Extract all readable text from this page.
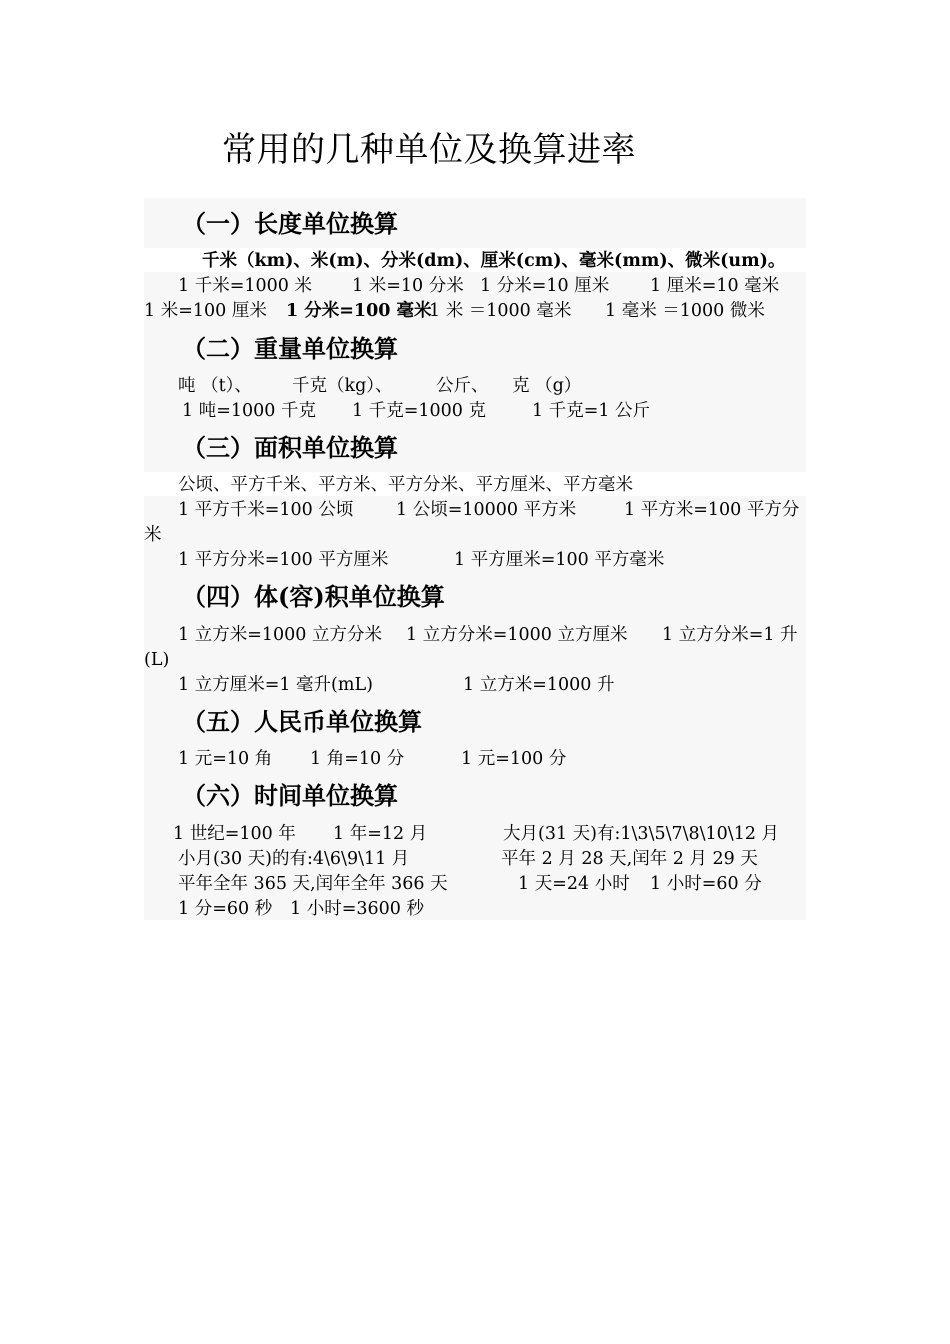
常用的几种单位及换算进率
（一）长度单位换算
千米（km)、米(m)、分米(dm)、厘米(cm)、毫米(mm)、微米(um)。
1 千米=1000 米 1 米=10 分米 1 分米=10 厘米 1 厘米=10 毫米
1 米=100 厘米 1 分米=100 毫米
1 米 ＝1000 毫米 1 毫米 ＝1000 微米
（二）重量单位换算
吨 （t）、 千克（kg）、 公斤、 克 （g）
1 吨=1000 千克 1 千克=1000 克	1 千克=1 公斤
（三）面积单位换算
公顷、平方千米、平方米、平方分米、平方厘米、平方毫米
1 平方千米=100 公顷 1 公顷=10000 平方米	1 平方米=100 平方分
米
1 平方分米=100 平方厘米	1 平方厘米=100 平方毫米
（四）体(容)积单位换算
1 立方米=1000 立方分米 1 立方分米=1000 立方厘米 1 立方分米=1 升
(L)
1 立方厘米=1 毫升(mL)	1 立方米=1000 升
（五）人民币单位换算
1 元=10 角 1 角=10 分	1 元=100 分
（六）时间单位换算
1 世纪=100 年 1 年=12 月	大月(31 天)有:1\3\5\7\8\10\12 月
小月(30 天)的有:4\6\9\11 月	平年 2 月 28 天,闰年 2 月 29 天
平年全年 365 天,闰年全年 366 天	1 天=24 小时 1 小时=60 分
1 分=60 秒 1 小时=3600 秒
